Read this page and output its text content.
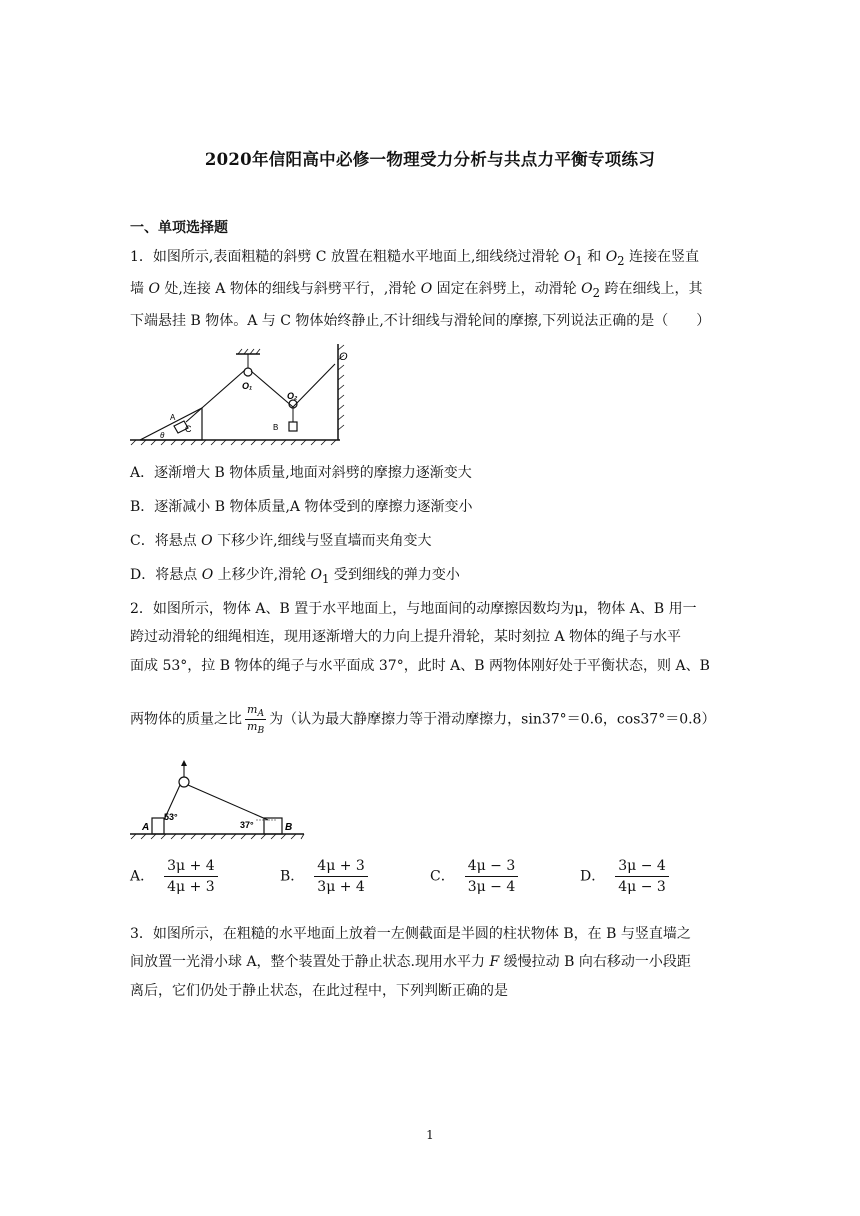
2020年信阳高中必修一物理受力分析与共点力平衡专项练习
一、单项选择题
1．如图所示,表面粗糙的斜劈 C 放置在粗糙水平地面上,细线绕过滑轮 $O_1$ 和 $O_2$ 连接在竖直
墙 O 处,连接 A 物体的细线与斜劈平行，,滑轮 O 固定在斜劈上，动滑轮 $O_2$ 跨在细线上，其
下端悬挂 B 物体。A 与 C 物体始终静止,不计细线与滑轮间的摩擦,下列说法正确的是（　　）
A
C
θ
O₁
O₂
B
O
A．逐渐增大 B 物体质量,地面对斜劈的摩擦力逐渐变大
B．逐渐减小 B 物体质量,A 物体受到的摩擦力逐渐变小
C．将悬点 O 下移少许,细线与竖直墙而夹角变大
D．将悬点 O 上移少许,滑轮 $O_1$ 受到细线的弹力变小
2．如图所示，物体 A、B 置于水平地面上，与地面间的动摩擦因数均为μ，物体 A、B 用一
跨过动滑轮的细绳相连，现用逐渐增大的力向上提升滑轮，某时刻拉 A 物体的绳子与水平
面成 53°，拉 B 物体的绳子与水平面成 37°，此时 A、B 两物体刚好处于平衡状态，则 A、B
两物体的质量之比 $\frac{m_A}{m_B}$ 为（认为最大静摩擦力等于滑动摩擦力，sin37°＝0.6，cos37°＝0.8）
A
53°
37°	B
A． $\frac{3\mu + 4}{4\mu + 3}$	B． $\frac{4\mu + 3}{3\mu + 4}$	C． $\frac{4\mu - 3}{3\mu - 4}$	D． $\frac{3\mu - 4}{4\mu - 3}$
3．如图所示，在粗糙的水平地面上放着一左侧截面是半圆的柱状物体 B，在 B 与竖直墙之
间放置一光滑小球 A，整个装置处于静止状态.现用水平力 F 缓慢拉动 B 向右移动一小段距
离后，它们仍处于静止状态，在此过程中，下列判断正确的是
1
